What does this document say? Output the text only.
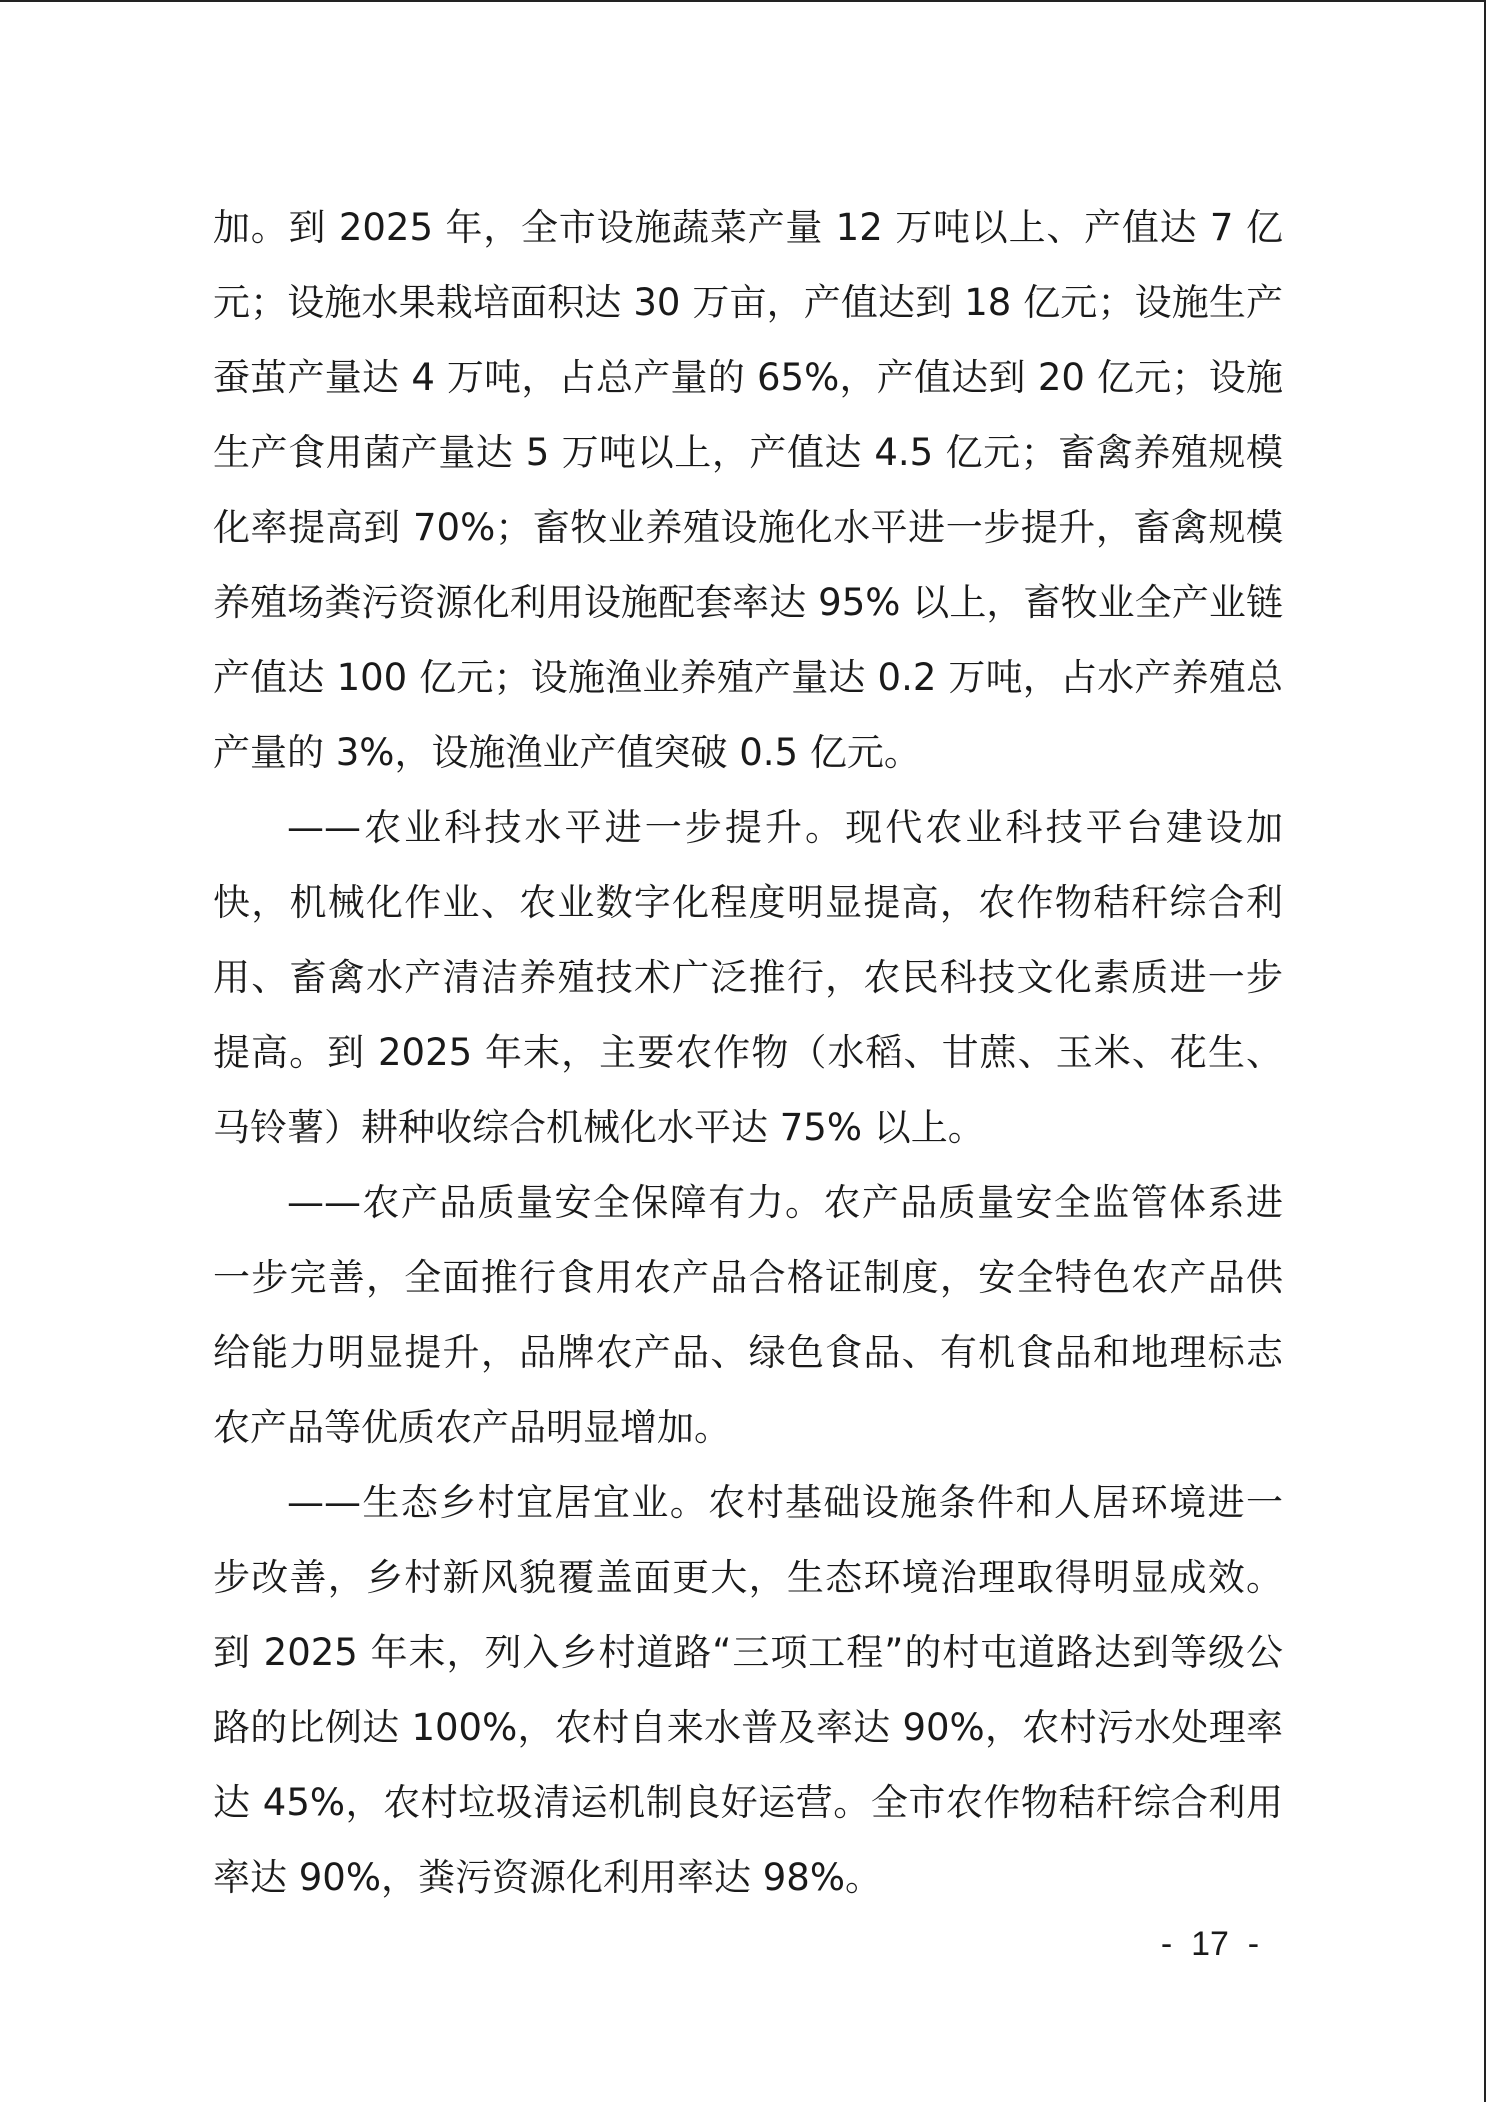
加。到 2025 年，全市设施蔬菜产量 12 万吨以上、产值达 7 亿元；设施水果栽培面积达 30 万亩，产值达到 18 亿元；设施生产蚕茧产量达 4 万吨，占总产量的 65%，产值达到 20 亿元；设施生产食用菌产量达 5 万吨以上，产值达 4.5 亿元；畜禽养殖规模化率提高到 70%；畜牧业养殖设施化水平进一步提升，畜禽规模养殖场粪污资源化利用设施配套率达 95% 以上，畜牧业全产业链产值达 100 亿元；设施渔业养殖产量达 0.2 万吨，占水产养殖总产量的 3%，设施渔业产值突破 0.5 亿元。

——农业科技水平进一步提升。现代农业科技平台建设加快，机械化作业、农业数字化程度明显提高，农作物秸秆综合利用、畜禽水产清洁养殖技术广泛推行，农民科技文化素质进一步提高。到 2025 年末，主要农作物（水稻、甘蔗、玉米、花生、马铃薯）耕种收综合机械化水平达 75% 以上。

——农产品质量安全保障有力。农产品质量安全监管体系进一步完善，全面推行食用农产品合格证制度，安全特色农产品供给能力明显提升，品牌农产品、绿色食品、有机食品和地理标志农产品等优质农产品明显增加。

——生态乡村宜居宜业。农村基础设施条件和人居环境进一步改善，乡村新风貌覆盖面更大，生态环境治理取得明显成效。到 2025 年末，列入乡村道路“三项工程”的村屯道路达到等级公路的比例达 100%，农村自来水普及率达 90%，农村污水处理率达 45%，农村垃圾清运机制良好运营。全市农作物秸秆综合利用率达 90%，粪污资源化利用率达 98%。

-  17  -
